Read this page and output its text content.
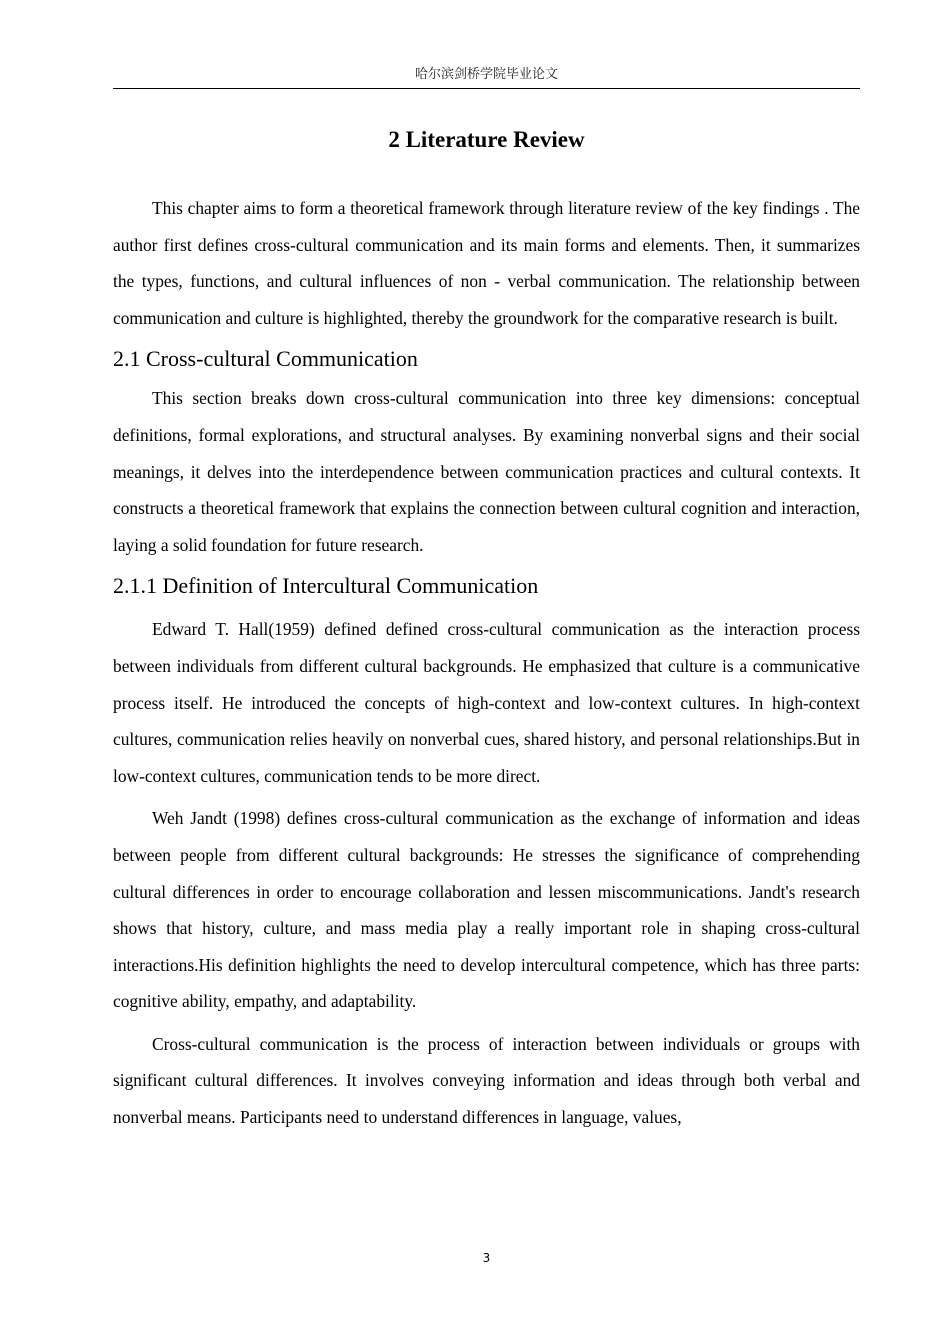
哈尔滨剑桥学院毕业论文
2 Literature Review

This chapter aims to form a theoretical framework through literature review of the key findings . The author first defines cross-cultural communication and its main forms and elements. Then, it summarizes the types, functions, and cultural influences of non - verbal communication. The relationship between communication and culture is highlighted, thereby the groundwork for the comparative research is built.

2.1 Cross-cultural Communication

This section breaks down cross-cultural communication into three key dimensions: conceptual definitions, formal explorations, and structural analyses. By examining nonverbal signs and their social meanings, it delves into the interdependence between communication practices and cultural contexts. It constructs a theoretical framework that explains the connection between cultural cognition and interaction, laying a solid foundation for future research.

2.1.1 Definition of Intercultural Communication

Edward T. Hall(1959) defined defined cross-cultural communication as the interaction process between individuals from different cultural backgrounds. He emphasized that culture is a communicative process itself. He introduced the concepts of high-context and low-context cultures. In high-context cultures, communication relies heavily on nonverbal cues, shared history, and personal relationships.But in low-context cultures, communication tends to be more direct.

Weh Jandt (1998) defines cross-cultural communication as the exchange of information and ideas between people from different cultural backgrounds: He stresses the significance of comprehending cultural differences in order to encourage collaboration and lessen miscommunications. Jandt's research shows that history, culture, and mass media play a really important role in shaping cross-cultural interactions.His definition highlights the need to develop intercultural competence, which has three parts: cognitive ability, empathy, and adaptability.

Cross-cultural communication is the process of interaction between individuals or groups with significant cultural differences. It involves conveying information and ideas through both verbal and nonverbal means. Participants need to understand differences in language, values,

3
